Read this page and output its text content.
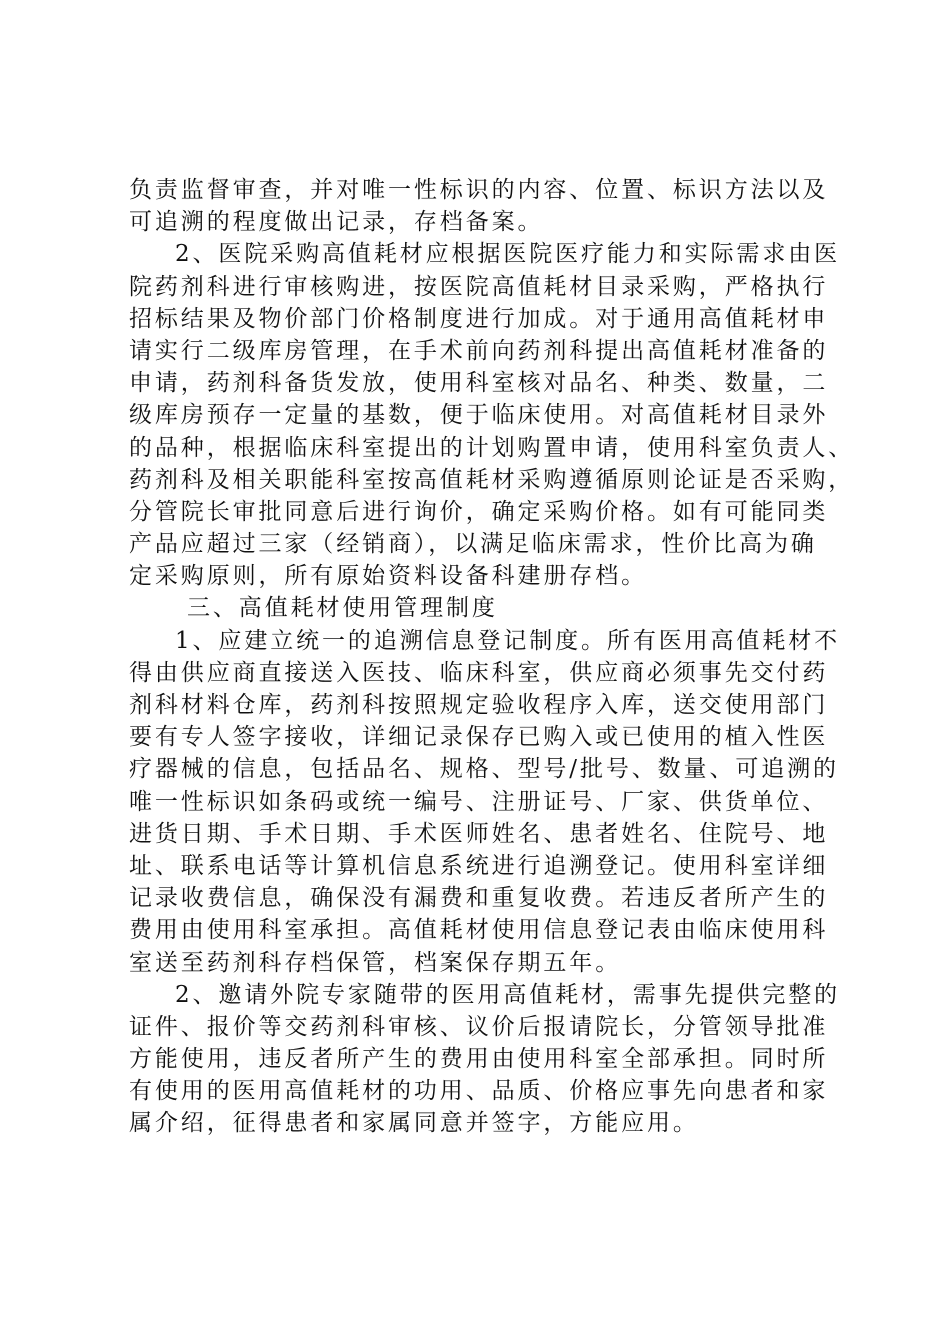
负责监督审查，并对唯一性标识的内容、位置、标识方法以及
可追溯的程度做出记录，存档备案。
2、医院采购高值耗材应根据医院医疗能力和实际需求由医
院药剂科进行审核购进，按医院高值耗材目录采购，严格执行
招标结果及物价部门价格制度进行加成。对于通用高值耗材申
请实行二级库房管理，在手术前向药剂科提出高值耗材准备的
申请，药剂科备货发放，使用科室核对品名、种类、数量，二
级库房预存一定量的基数，便于临床使用。对高值耗材目录外
的品种，根据临床科室提出的计划购置申请，使用科室负责人、
药剂科及相关职能科室按高值耗材采购遵循原则论证是否采购，
分管院长审批同意后进行询价，确定采购价格。如有可能同类
产品应超过三家（经销商），以满足临床需求，性价比高为确
定采购原则，所有原始资料设备科建册存档。
三、高值耗材使用管理制度
1、应建立统一的追溯信息登记制度。所有医用高值耗材不
得由供应商直接送入医技、临床科室，供应商必须事先交付药
剂科材料仓库，药剂科按照规定验收程序入库，送交使用部门
要有专人签字接收，详细记录保存已购入或已使用的植入性医
疗器械的信息，包括品名、规格、型号/批号、数量、可追溯的
唯一性标识如条码或统一编号、注册证号、厂家、供货单位、
进货日期、手术日期、手术医师姓名、患者姓名、住院号、地
址、联系电话等计算机信息系统进行追溯登记。使用科室详细
记录收费信息，确保没有漏费和重复收费。若违反者所产生的
费用由使用科室承担。高值耗材使用信息登记表由临床使用科
室送至药剂科存档保管，档案保存期五年。
2、邀请外院专家随带的医用高值耗材，需事先提供完整的
证件、报价等交药剂科审核、议价后报请院长，分管领导批准
方能使用，违反者所产生的费用由使用科室全部承担。同时所
有使用的医用高值耗材的功用、品质、价格应事先向患者和家
属介绍，征得患者和家属同意并签字，方能应用。
